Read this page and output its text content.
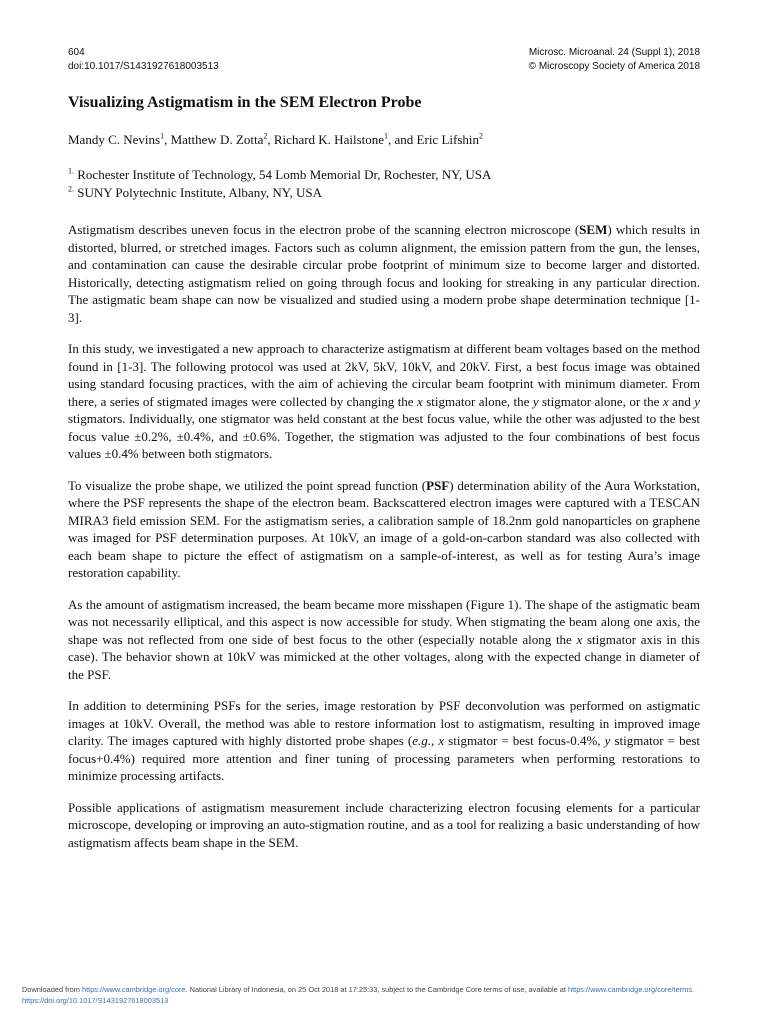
604
doi:10.1017/S1431927618003513
Microsc. Microanal. 24 (Suppl 1), 2018
© Microscopy Society of America 2018
Visualizing Astigmatism in the SEM Electron Probe
Mandy C. Nevins$^1$, Matthew D. Zotta$^2$, Richard K. Hailstone$^1$, and Eric Lifshin$^2$
$^{1.}$ Rochester Institute of Technology, 54 Lomb Memorial Dr, Rochester, NY, USA
$^{2.}$ SUNY Polytechnic Institute, Albany, NY, USA

Astigmatism describes uneven focus in the electron probe of the scanning electron microscope (SEM) which results in distorted, blurred, or stretched images. Factors such as column alignment, the emission pattern from the gun, the lenses, and contamination can cause the desirable circular probe footprint of minimum size to become larger and distorted. Historically, detecting astigmatism relied on going through focus and looking for streaking in any particular direction. The astigmatic beam shape can now be visualized and studied using a modern probe shape determination technique [1-3].

In this study, we investigated a new approach to characterize astigmatism at different beam voltages based on the method found in [1-3]. The following protocol was used at 2kV, 5kV, 10kV, and 20kV. First, a best focus image was obtained using standard focusing practices, with the aim of achieving the circular beam footprint with minimum diameter. From there, a series of stigmated images were collected by changing the x stigmator alone, the y stigmator alone, or the x and y stigmators. Individually, one stigmator was held constant at the best focus value, while the other was adjusted to the best focus value ±0.2%, ±0.4%, and ±0.6%. Together, the stigmation was adjusted to the four combinations of best focus values ±0.4% between both stigmators.

To visualize the probe shape, we utilized the point spread function (PSF) determination ability of the Aura Workstation, where the PSF represents the shape of the electron beam. Backscattered electron images were captured with a TESCAN MIRA3 field emission SEM. For the astigmatism series, a calibration sample of 18.2nm gold nanoparticles on graphene was imaged for PSF determination purposes. At 10kV, an image of a gold-on-carbon standard was also collected with each beam shape to picture the effect of astigmatism on a sample-of-interest, as well as for testing Aura’s image restoration capability.

As the amount of astigmatism increased, the beam became more misshapen (Figure 1). The shape of the astigmatic beam was not necessarily elliptical, and this aspect is now accessible for study. When stigmating the beam along one axis, the shape was not reflected from one side of best focus to the other (especially notable along the x stigmator axis in this case). The behavior shown at 10kV was mimicked at the other voltages, along with the expected change in diameter of the PSF.

In addition to determining PSFs for the series, image restoration by PSF deconvolution was performed on astigmatic images at 10kV. Overall, the method was able to restore information lost to astigmatism, resulting in improved image clarity. The images captured with highly distorted probe shapes (e.g., x stigmator = best focus-0.4%, y stigmator = best focus+0.4%) required more attention and finer tuning of processing parameters when performing restorations to minimize processing artifacts.

Possible applications of astigmatism measurement include characterizing electron focusing elements for a particular microscope, developing or improving an auto-stigmation routine, and as a tool for realizing a basic understanding of how astigmatism affects beam shape in the SEM.

Downloaded from https://www.cambridge.org/core. National Library of Indonesia, on 25 Oct 2018 at 17:25:33, subject to the Cambridge Core terms of use, available at https://www.cambridge.org/core/terms.
https://doi.org/10.1017/S1431927618003513
